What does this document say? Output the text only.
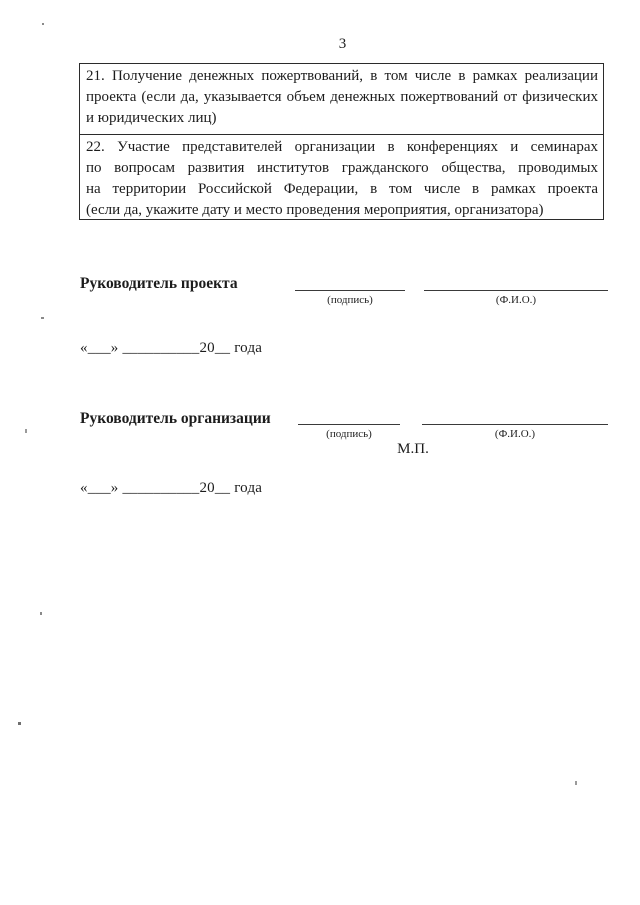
3
21. Получение денежных пожертвований, в том числе в рамках реализации
проекта (если да, указывается объем денежных пожертвований от физических
и юридических лиц)
22. Участие представителей организации в конференциях и семинарах
по вопросам развития институтов гражданского общества, проводимых
на территории Российской Федерации, в том числе в рамках проекта
(если да, укажите дату и место проведения мероприятия, организатора)
Руководитель проекта
(подпись)	(Ф.И.О.)
«___» __________20__ года
Руководитель организации
(подпись)	(Ф.И.О.)
М.П.
«___» __________20__ года
